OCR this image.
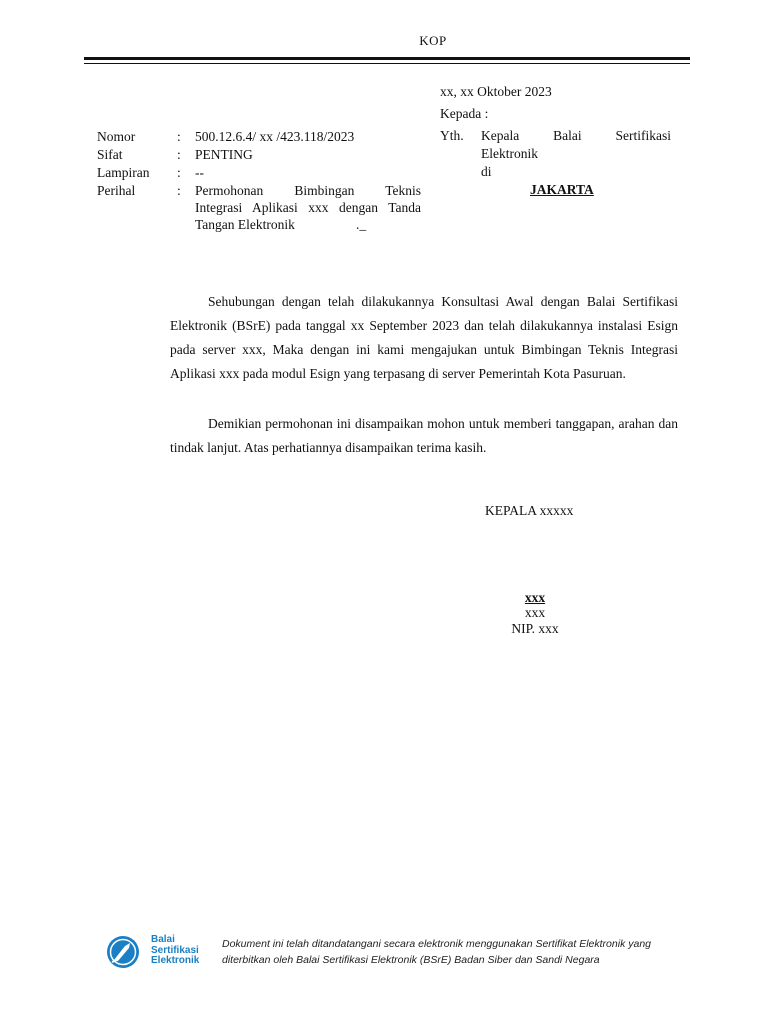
KOP
xx, xx Oktober 2023
Kepada :
Yth. Kepala	Balai	Sertifikasi
Elektronik
di
JAKARTA
Nomor	: 500.12.6.4/ xx /423.118/2023
Sifat	: PENTING
Lampiran : --
Perihal	: Permohonan Bimbingan Teknis
Integrasi Aplikasi xxx dengan Tanda
Tangan Elektronik	._
Sehubungan dengan telah dilakukannya Konsultasi Awal dengan Balai Sertifikasi Elektronik (BSrE) pada tanggal xx September 2023 dan telah dilakukannya instalasi Esign pada server xxx, Maka dengan ini kami mengajukan untuk Bimbingan Teknis Integrasi Aplikasi xxx pada modul Esign yang terpasang di server Pemerintah Kota Pasuruan.
Demikian permohonan ini disampaikan mohon untuk memberi tanggapan, arahan dan tindak lanjut. Atas perhatiannya disampaikan terima kasih.
KEPALA xxxxx
xxx
xxx
NIP. xxx
Balai
Sertifikasi
Elektronik
Dokument ini telah ditandatangani secara elektronik menggunakan Sertifikat Elektronik yang
diterbitkan oleh Balai Sertifikasi Elektronik (BSrE) Badan Siber dan Sandi Negara
